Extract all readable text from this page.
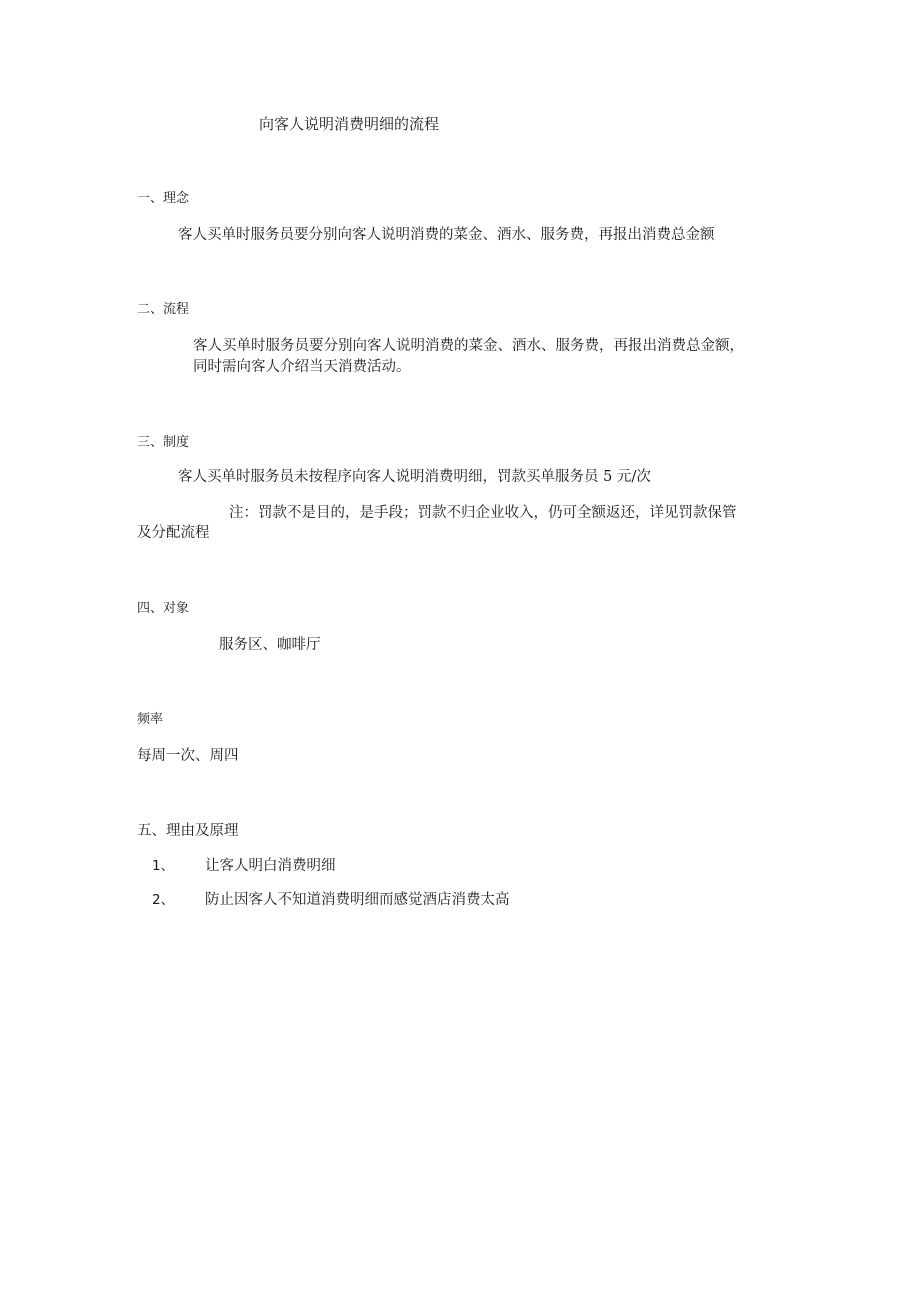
向客人说明消费明细的流程
一、理念
客人买单时服务员要分别向客人说明消费的菜金、酒水、服务费，再报出消费总金额
二、流程
客人买单时服务员要分别向客人说明消费的菜金、酒水、服务费，再报出消费总金额，
同时需向客人介绍当天消费活动。
三、制度
客人买单时服务员未按程序向客人说明消费明细，罚款买单服务员 5 元/次
注：罚款不是目的，是手段；罚款不归企业收入，仍可全额返还，详见罚款保管
及分配流程
四、对象
服务区、咖啡厅
频率
每周一次、周四
五、理由及原理
1、 让客人明白消费明细
2、 防止因客人不知道消费明细而感觉酒店消费太高
